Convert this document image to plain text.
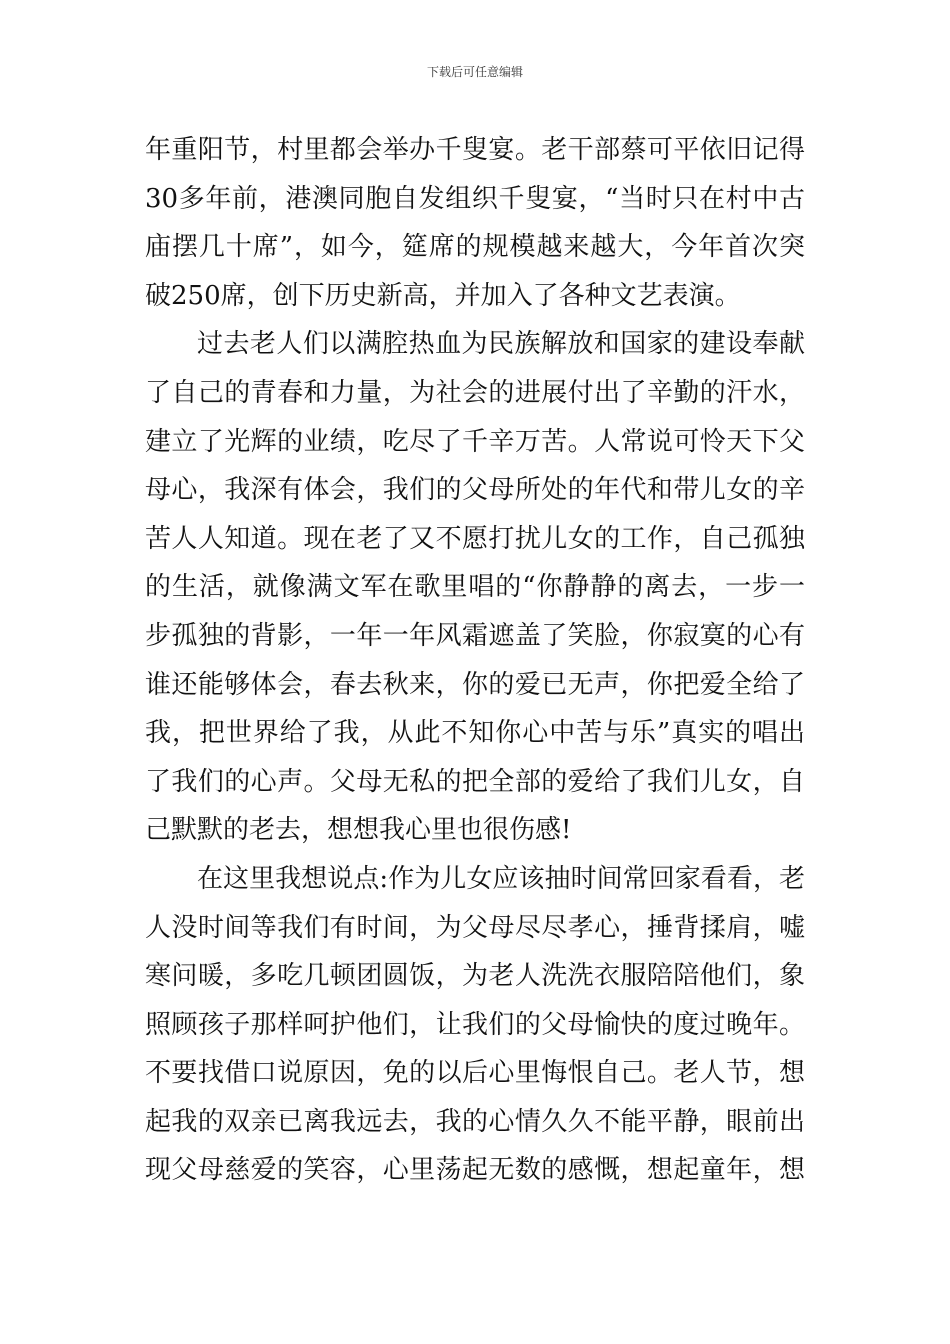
下载后可任意编辑
年重阳节，村里都会举办千叟宴。老干部蔡可平依旧记得
30多年前，港澳同胞自发组织千叟宴，“当时只在村中古
庙摆几十席”，如今，筵席的规模越来越大，今年首次突
破250席，创下历史新高，并加入了各种文艺表演。
过去老人们以满腔热血为民族解放和国家的建设奉献
了自己的青春和力量，为社会的进展付出了辛勤的汗水，
建立了光辉的业绩，吃尽了千辛万苦。人常说可怜天下父
母心，我深有体会，我们的父母所处的年代和带儿女的辛
苦人人知道。现在老了又不愿打扰儿女的工作，自己孤独
的生活，就像满文军在歌里唱的“你静静的离去，一步一
步孤独的背影，一年一年风霜遮盖了笑脸，你寂寞的心有
谁还能够体会，春去秋来，你的爱已无声，你把爱全给了
我，把世界给了我，从此不知你心中苦与乐”真实的唱出
了我们的心声。父母无私的把全部的爱给了我们儿女，自
己默默的老去，想想我心里也很伤感!
在这里我想说点:作为儿女应该抽时间常回家看看，老
人没时间等我们有时间，为父母尽尽孝心，捶背揉肩，嘘
寒问暖，多吃几顿团圆饭，为老人洗洗衣服陪陪他们，象
照顾孩子那样呵护他们，让我们的父母愉快的度过晚年。
不要找借口说原因，免的以后心里悔恨自己。老人节，想
起我的双亲已离我远去，我的心情久久不能平静，眼前出
现父母慈爱的笑容，心里荡起无数的感慨，想起童年，想
